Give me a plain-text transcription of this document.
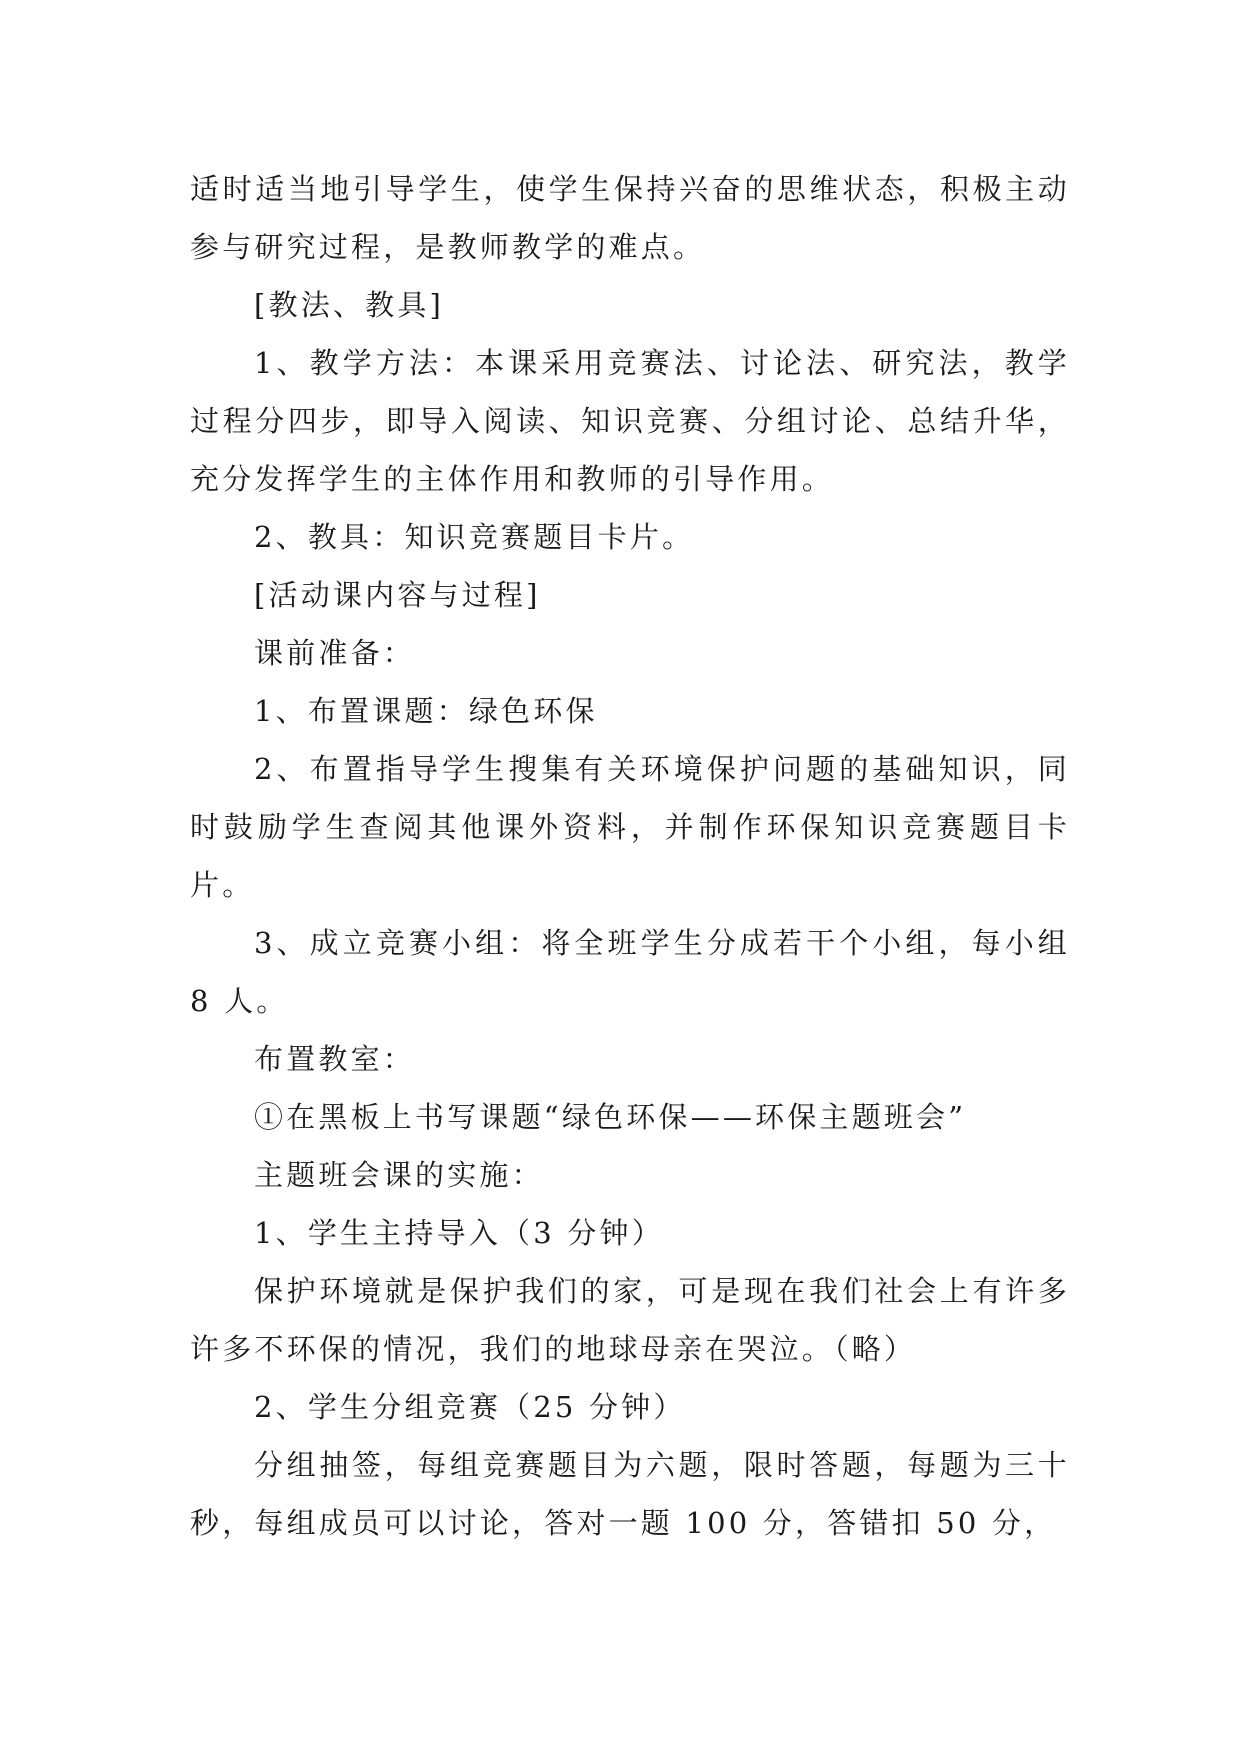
适时适当地引导学生，使学生保持兴奋的思维状态，积极主动参与研究过程，是教师教学的难点。

[教法、教具]

1、教学方法：本课采用竞赛法、讨论法、研究法，教学过程分四步，即导入阅读、知识竞赛、分组讨论、总结升华，充分发挥学生的主体作用和教师的引导作用。

2、教具：知识竞赛题目卡片。

[活动课内容与过程]

课前准备：

1、布置课题：绿色环保

2、布置指导学生搜集有关环境保护问题的基础知识，同时鼓励学生查阅其他课外资料，并制作环保知识竞赛题目卡片。

3、成立竞赛小组：将全班学生分成若干个小组，每小组 8 人。

布置教室：

①在黑板上书写课题“绿色环保——环保主题班会”

主题班会课的实施：

1、学生主持导入（3 分钟）

保护环境就是保护我们的家，可是现在我们社会上有许多许多不环保的情况，我们的地球母亲在哭泣。（略）

2、学生分组竞赛（25 分钟）

分组抽签，每组竞赛题目为六题，限时答题，每题为三十秒，每组成员可以讨论，答对一题 100 分，答错扣 50 分，
